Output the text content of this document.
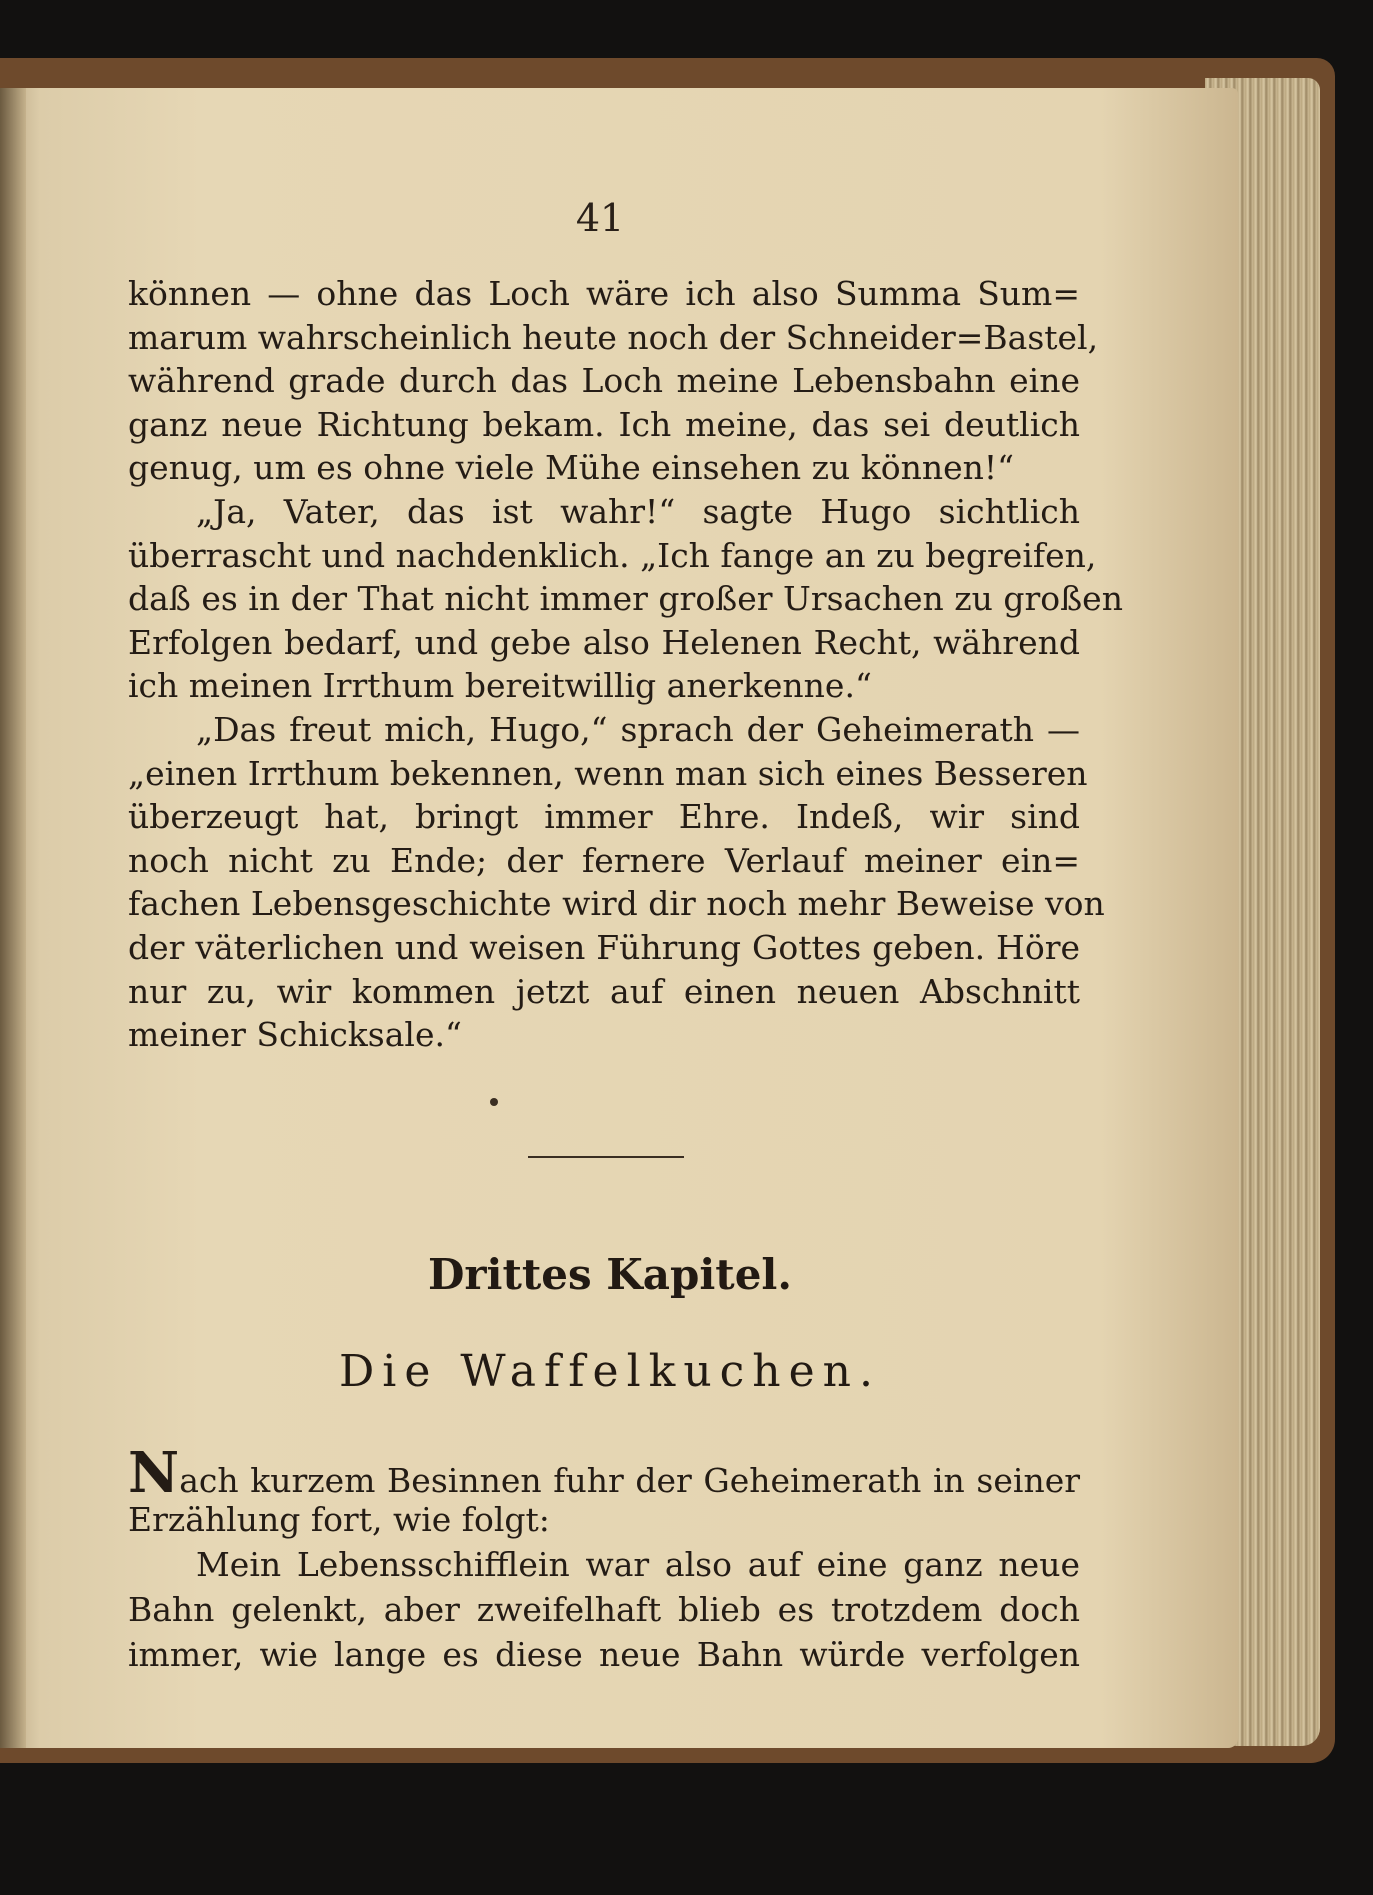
41
können — ohne das Loch wäre ich also Summa Sum=
marum wahrscheinlich heute noch der Schneider=Bastel,
während grade durch das Loch meine Lebensbahn eine
ganz neue Richtung bekam. Ich meine, das sei deutlich
genug, um es ohne viele Mühe einsehen zu können!“
„Ja, Vater, das ist wahr!“ sagte Hugo sichtlich
überrascht und nachdenklich. „Ich fange an zu begreifen,
daß es in der That nicht immer großer Ursachen zu großen
Erfolgen bedarf, und gebe also Helenen Recht, während
ich meinen Irrthum bereitwillig anerkenne.“
„Das freut mich, Hugo,“ sprach der Geheimerath —
„einen Irrthum bekennen, wenn man sich eines Besseren
überzeugt hat, bringt immer Ehre. Indeß, wir sind
noch nicht zu Ende; der fernere Verlauf meiner ein=
fachen Lebensgeschichte wird dir noch mehr Beweise von
der väterlichen und weisen Führung Gottes geben. Höre
nur zu, wir kommen jetzt auf einen neuen Abschnitt
meiner Schicksale.“
Drittes Kapitel.
Die Waffelkuchen.
Nach kurzem Besinnen fuhr der Geheimerath in seiner
Erzählung fort, wie folgt:
Mein Lebensschifflein war also auf eine ganz neue
Bahn gelenkt, aber zweifelhaft blieb es trotzdem doch
immer, wie lange es diese neue Bahn würde verfolgen
